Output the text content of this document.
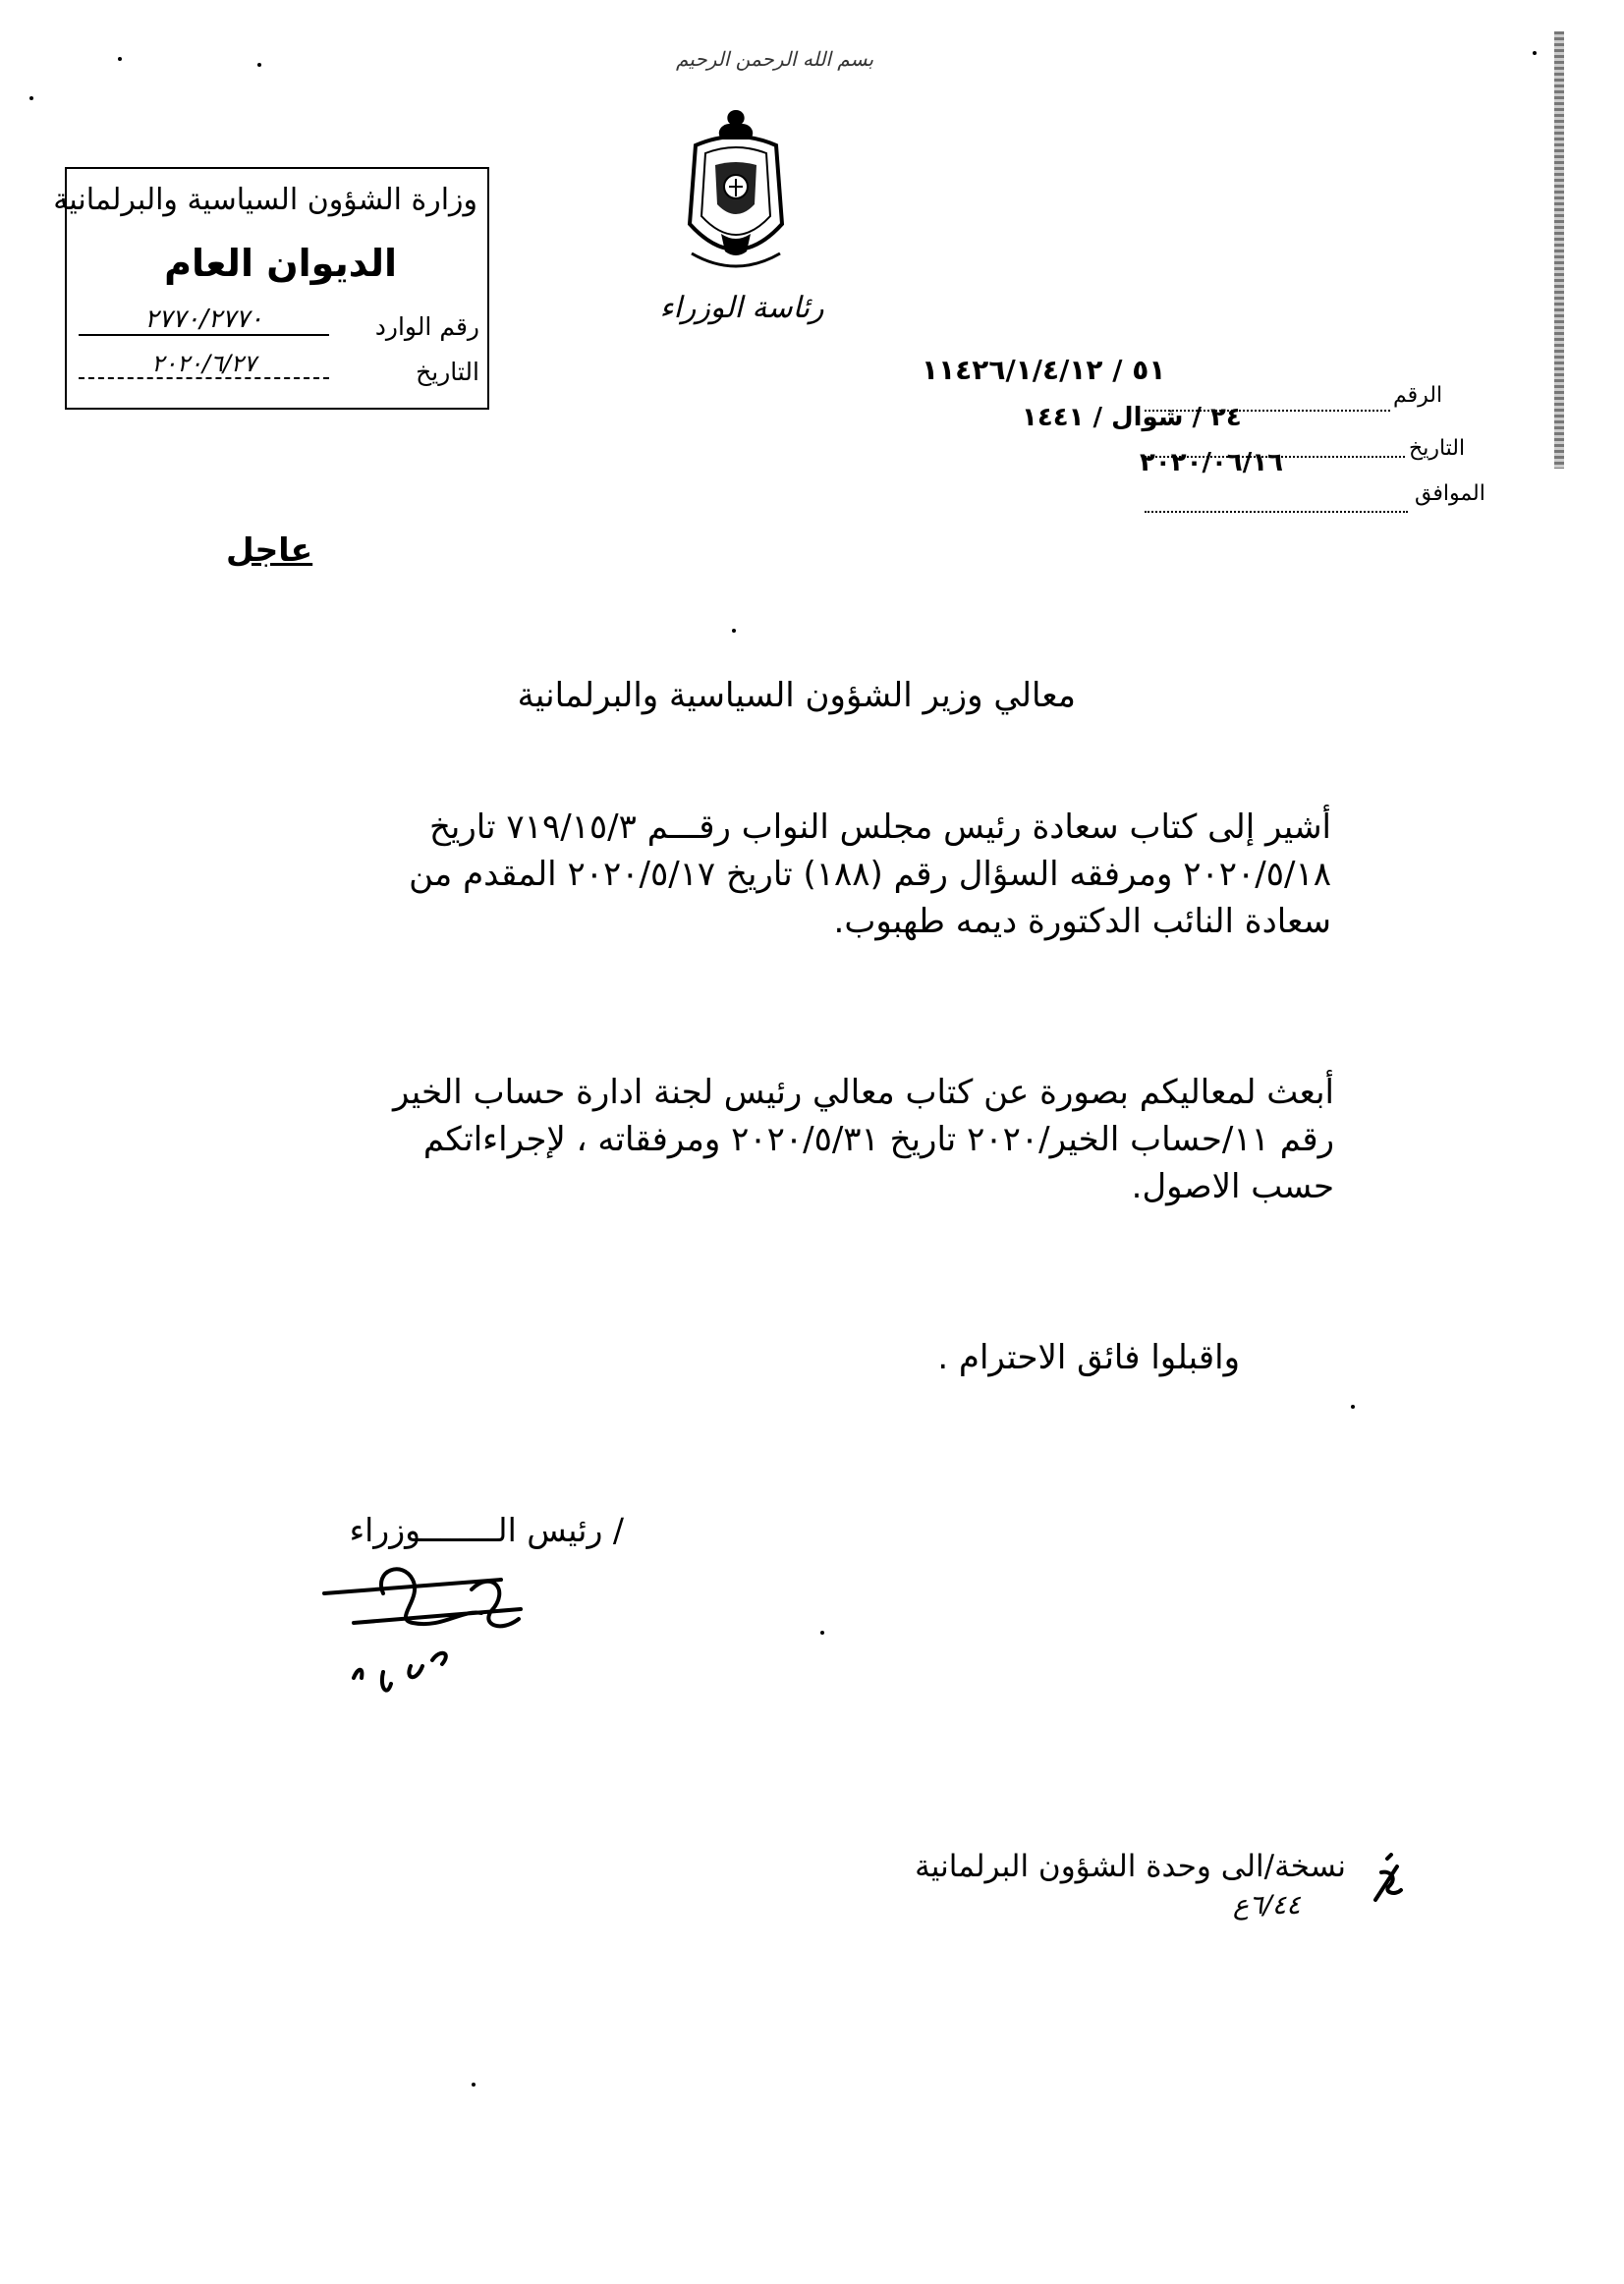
بسم الله الرحمن الرحيم
رئاسة الوزراء
وزارة الشؤون السياسية والبرلمانية
الديوان العام
رقم الوارد
٢٧٧٠/٢٧٧٠
التاريخ
٢٠٢٠/٦/٢٧	٥١ / ١١٤٢٦/١/٤/١٢
٢٤ / شوال / ١٤٤١
٢٠٢٠/٠٦/١٦
الرقم
التاريخ
الموافق
عاجل
معالي وزير الشؤون السياسية والبرلمانية
أشير إلى كتاب سعادة رئيس مجلس النواب رقـــم ٧١٩/١٥/٣ تاريخ
٢٠٢٠/٥/١٨ ومرفقه السؤال رقم (١٨٨) تاريخ ٢٠٢٠/٥/١٧ المقدم من
سعادة النائب الدكتورة ديمه طهبوب.
أبعث لمعاليكم بصورة عن كتاب معالي رئيس لجنة ادارة حساب الخير
رقم ١١/حساب الخير/٢٠٢٠ تاريخ ٢٠٢٠/٥/٣١ ومرفقاته ، لإجراءاتكم
حسب الاصول.
واقبلوا فائق الاحترام .
/ رئيس الــــــــوزراء
نسخة/الى وحدة الشؤون البرلمانية
٦/٤٤ع
